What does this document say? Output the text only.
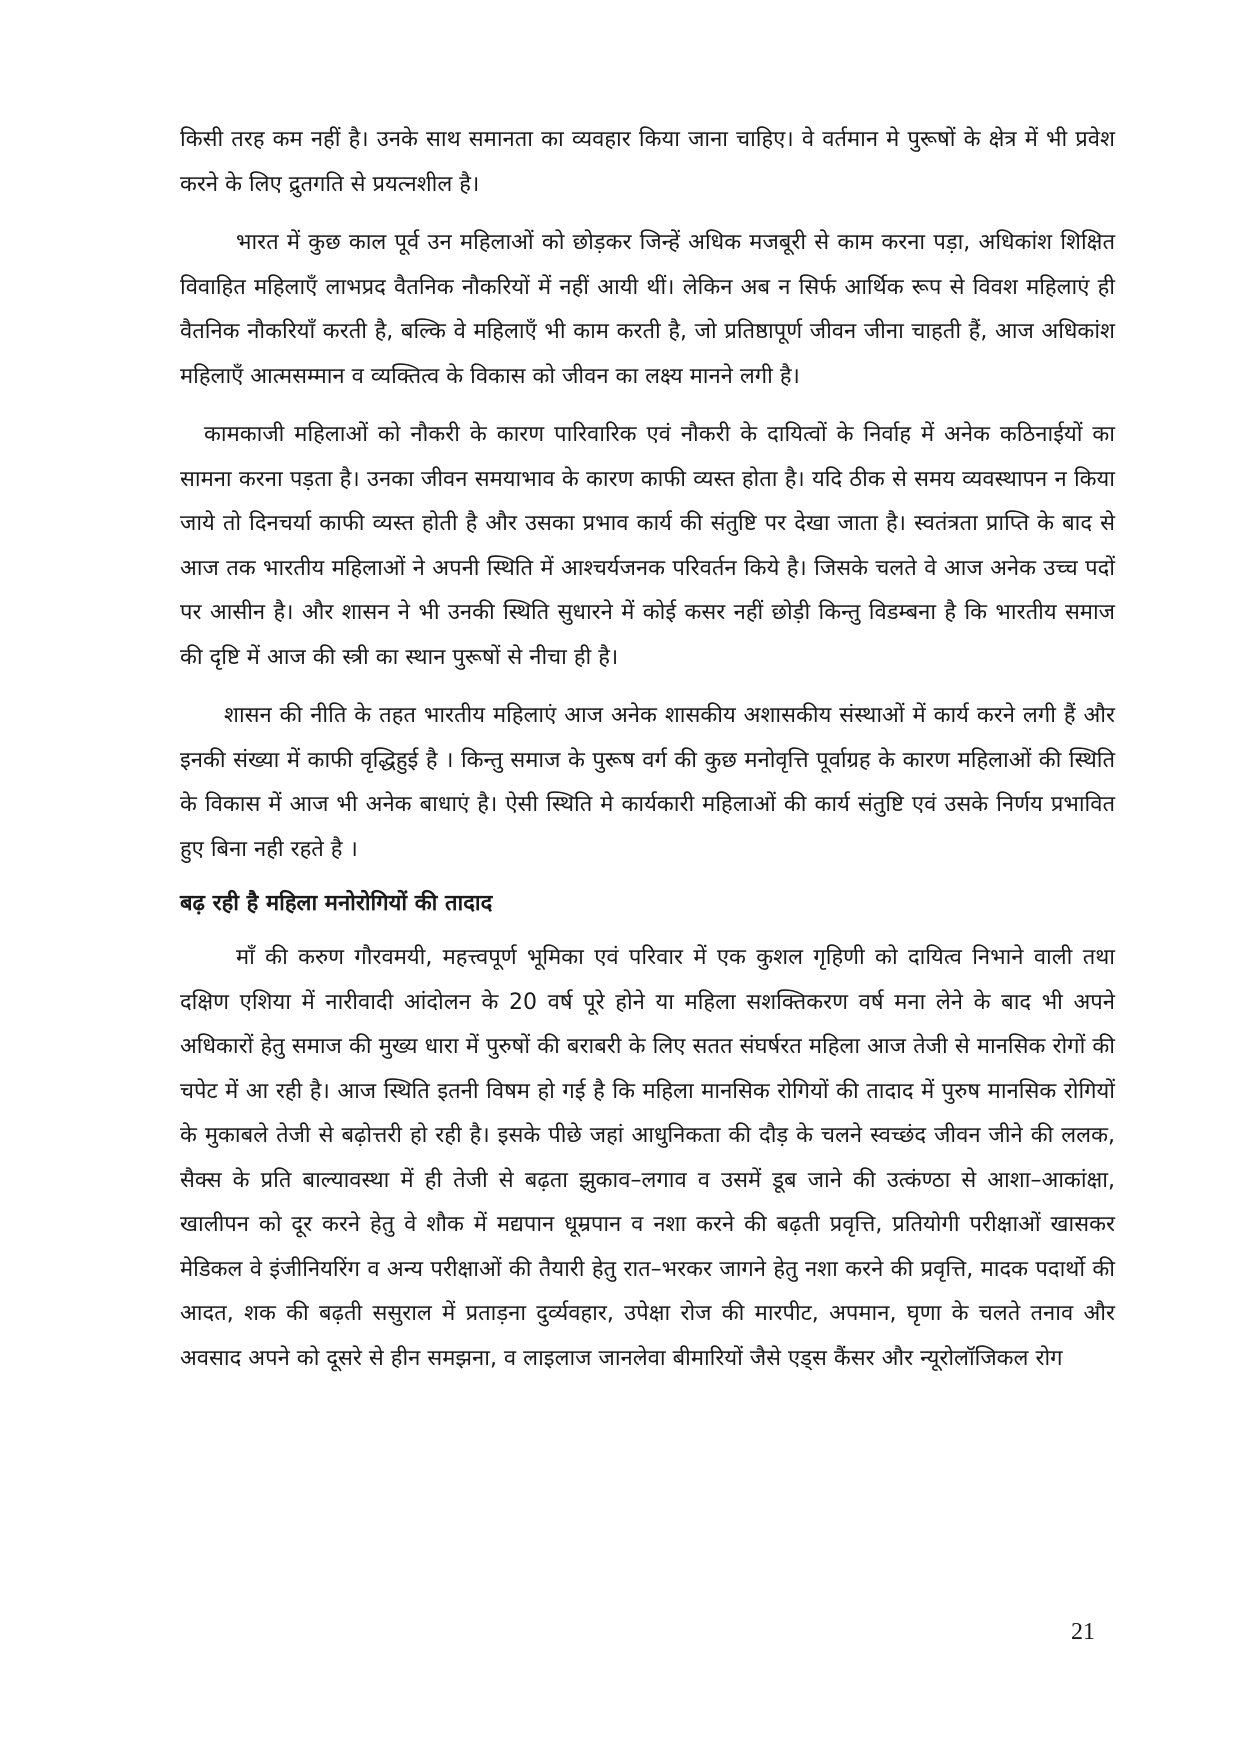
किसी तरह कम नहीं है। उनके साथ समानता का व्यवहार किया जाना चाहिए। वे वर्तमान मे पुरूषों के क्षेत्र में भी प्रवेश करने के लिए द्रुतगति से प्रयत्नशील है।

भारत में कुछ काल पूर्व उन महिलाओं को छोड़कर जिन्हें अधिक मजबूरी से काम करना पड़ा, अधिकांश शिक्षित विवाहित महिलाएँ लाभप्रद वैतनिक नौकरियों में नहीं आयी थीं। लेकिन अब न सिर्फ आर्थिक रूप से विवश महिलाएं ही वैतनिक नौकरियाँ करती है, बल्कि वे महिलाएँ भी काम करती है, जो प्रतिष्ठापूर्ण जीवन जीना चाहती हैं, आज अधिकांश महिलाएँ आत्मसम्मान व व्यक्तित्व के विकास को जीवन का लक्ष्य मानने लगी है।

कामकाजी महिलाओं को नौकरी के कारण पारिवारिक एवं नौकरी के दायित्वों के निर्वाह में अनेक कठिनाईयों का सामना करना पड़ता है। उनका जीवन समयाभाव के कारण काफी व्यस्त होता है। यदि ठीक से समय व्यवस्थापन न किया जाये तो दिनचर्या काफी व्यस्त होती है और उसका प्रभाव कार्य की संतुष्टि पर देखा जाता है। स्वतंत्रता प्राप्ति के बाद से आज तक भारतीय महिलाओं ने अपनी स्थिति में आश्चर्यजनक परिवर्तन किये है। जिसके चलते वे आज अनेक उच्च पदों पर आसीन है। और शासन ने भी उनकी स्थिति सुधारने में कोई कसर नहीं छोड़ी किन्तु विडम्बना है कि भारतीय समाज की दृष्टि में आज की स्त्री का स्थान पुरूषों से नीचा ही है।

शासन की नीति के तहत भारतीय महिलाएं आज अनेक शासकीय अशासकीय संस्थाओं में कार्य करने लगी हैं और इनकी संख्या में काफी वृद्धिहुई है । किन्तु समाज के पुरूष वर्ग की कुछ मनोवृत्ति पूर्वाग्रह के कारण महिलाओं की स्थिति के विकास में आज भी अनेक बाधाएं है। ऐसी स्थिति मे कार्यकारी महिलाओं की कार्य संतुष्टि एवं उसके निर्णय प्रभावित हुए बिना नही रहते है ।

बढ़ रही है महिला मनोरोगियों की तादाद

माँ की करुण गौरवमयी, महत्त्वपूर्ण भूमिका एवं परिवार में एक कुशल गृहिणी को दायित्व निभाने वाली तथा दक्षिण एशिया में नारीवादी आंदोलन के 20 वर्ष पूरे होने या महिला सशक्तिकरण वर्ष मना लेने के बाद भी अपने अधिकारों हेतु समाज की मुख्य धारा में पुरुषों की बराबरी के लिए सतत संघर्षरत महिला आज तेजी से मानसिक रोगों की चपेट में आ रही है। आज स्थिति इतनी विषम हो गई है कि महिला मानसिक रोगियों की तादाद में पुरुष मानसिक रोगियों के मुकाबले तेजी से बढ़ोत्तरी हो रही है। इसके पीछे जहां आधुनिकता की दौड़ के चलने स्वच्छंद जीवन जीने की ललक, सैक्स के प्रति बाल्यावस्था में ही तेजी से बढ़ता झुकाव–लगाव व उसमें डूब जाने की उत्कंण्ठा से आशा–आकांक्षा, खालीपन को दूर करने हेतु वे शौक में मद्यपान धूम्रपान व नशा करने की बढ़ती प्रवृत्ति, प्रतियोगी परीक्षाओं खासकर मेडिकल वे इंजीनियरिंग व अन्य परीक्षाओं की तैयारी हेतु रात–भरकर जागने हेतु नशा करने की प्रवृत्ति, मादक पदार्थो की आदत, शक की बढ़ती ससुराल में प्रताड़ना दुर्व्यवहार, उपेक्षा रोज की मारपीट, अपमान, घृणा के चलते तनाव और अवसाद अपने को दूसरे से हीन समझना, व लाइलाज जानलेवा बीमारियों जैसे एड्स कैंसर और न्यूरोलॉजिकल रोग

21
